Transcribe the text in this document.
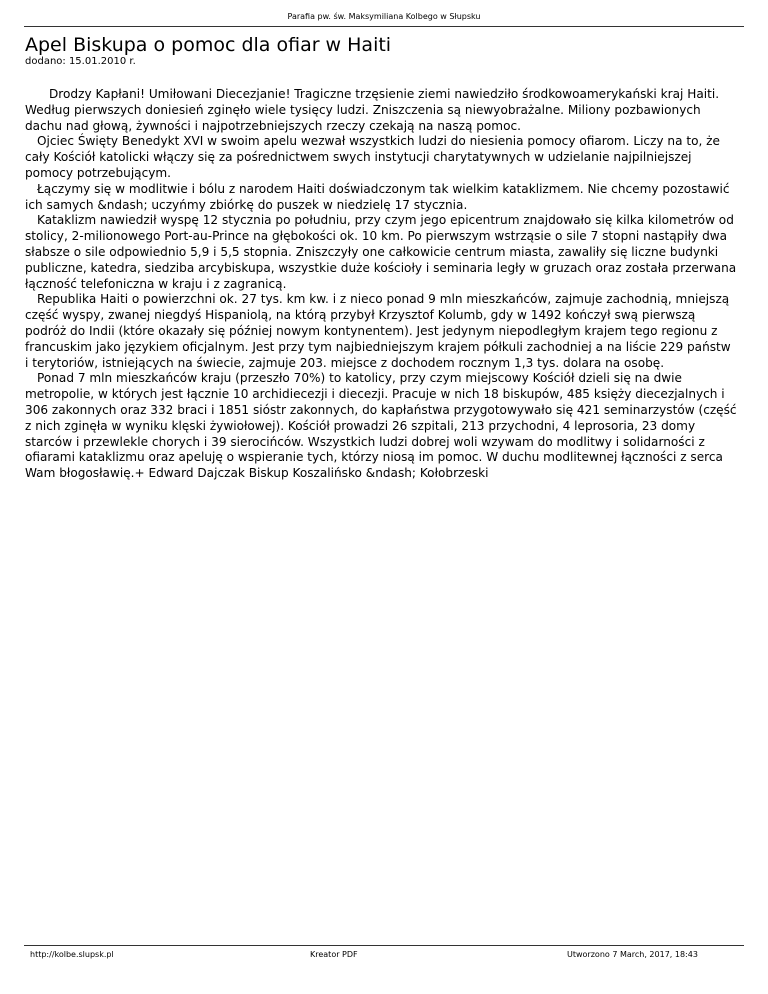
Parafia pw. św. Maksymiliana Kolbego w Słupsku
Apel Biskupa o pomoc dla ofiar w Haiti
dodano: 15.01.2010 r.

Drodzy Kapłani! Umiłowani Diecezjanie! Tragiczne trzęsienie ziemi nawiedziło środkowoamerykański kraj Haiti. Według pierwszych doniesień zginęło wiele tysięcy ludzi. Zniszczenia są niewyobrażalne. Miliony pozbawionych dachu nad głową, żywności i najpotrzebniejszych rzeczy czekają na naszą pomoc.

Ojciec Święty Benedykt XVI w swoim apelu wezwał wszystkich ludzi do niesienia pomocy ofiarom. Liczy na to, że cały Kościół katolicki włączy się za pośrednictwem swych instytucji charytatywnych w udzielanie najpilniejszej pomocy potrzebującym.

Łączymy się w modlitwie i bólu z narodem Haiti doświadczonym tak wielkim kataklizmem. Nie chcemy pozostawić ich samych &ndash; uczyńmy zbiórkę do puszek w niedzielę 17 stycznia.

Kataklizm nawiedził wyspę 12 stycznia po południu, przy czym jego epicentrum znajdowało się kilka kilometrów od stolicy, 2-milionowego Port-au-Prince na głębokości ok. 10 km. Po pierwszym wstrząsie o sile 7 stopni nastąpiły dwa słabsze o sile odpowiednio 5,9 i 5,5 stopnia. Zniszczyły one całkowicie centrum miasta, zawaliły się liczne budynki publiczne, katedra, siedziba arcybiskupa, wszystkie duże kościoły i seminaria legły w gruzach oraz została przerwana łączność telefoniczna w kraju i z zagranicą.

Republika Haiti o powierzchni ok. 27 tys. km kw. i z nieco ponad 9 mln mieszkańców, zajmuje zachodnią, mniejszą część wyspy, zwanej niegdyś Hispaniolą, na którą przybył Krzysztof Kolumb, gdy w 1492 kończył swą pierwszą podróż do Indii (które okazały się później nowym kontynentem). Jest jedynym niepodległym krajem tego regionu z francuskim jako językiem oficjalnym. Jest przy tym najbiedniejszym krajem półkuli zachodniej a na liście 229 państw i terytoriów, istniejących na świecie, zajmuje 203. miejsce z dochodem rocznym 1,3 tys. dolara na osobę.

Ponad 7 mln mieszkańców kraju (przeszło 70%) to katolicy, przy czym miejscowy Kościół dzieli się na dwie metropolie, w których jest łącznie 10 archidiecezji i diecezji. Pracuje w nich 18 biskupów, 485 księży diecezjalnych i 306 zakonnych oraz 332 braci i 1851 sióstr zakonnych, do kapłaństwa przygotowywało się 421 seminarzystów (część z nich zginęła w wyniku klęski żywiołowej). Kościół prowadzi 26 szpitali, 213 przychodni, 4 leprosoria, 23 domy starców i przewlekle chorych i 39 sierocińców. Wszystkich ludzi dobrej woli wzywam do modlitwy i solidarności z ofiarami kataklizmu oraz apeluję o wspieranie tych, którzy niosą im pomoc. W duchu modlitewnej łączności z serca Wam błogosławię.+ Edward Dajczak Biskup Koszalińsko &ndash; Kołobrzeski

http://kolbe.slupsk.pl	Kreator PDF	Utworzono 7 March, 2017, 18:43
